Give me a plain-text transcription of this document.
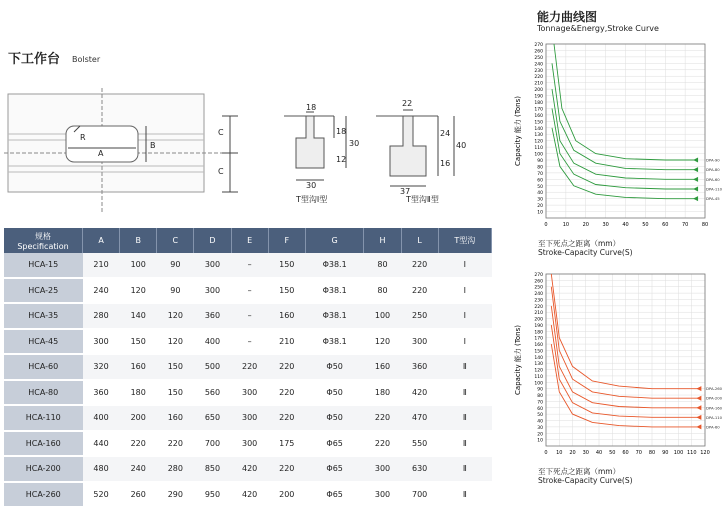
下工作台 Bolster
R
A
B
C
C
18
30
18
30
12
T型沟Ⅰ型
22
37
24
40
16
T型沟Ⅱ型
规格
Specification	A	B	C	D	E	F	G	H	L	T型沟
HCA-15	210	100	90	300	–	150	Φ38.1	80	220	Ⅰ
HCA-25	240	120	90	300	–	150	Φ38.1	80	220	Ⅰ
HCA-35	280	140	120	360	–	160	Φ38.1	100	250	Ⅰ
HCA-45	300	150	120	400	–	210	Φ38.1	120	300	Ⅰ
HCA-60	320	160	150	500	220	220	Φ50	160	360	Ⅱ
HCA-80	360	180	150	560	300	220	Φ50	180	420	Ⅱ
HCA-110	400	200	160	650	300	220	Φ50	220	470	Ⅱ
HCA-160	440	220	220	700	300	175	Φ65	220	550	Ⅱ
HCA-200	480	240	280	850	420	220	Φ65	300	630	Ⅱ
HCA-260	520	260	290	950	420	200	Φ65	300	700	Ⅱ
能力曲线图
Tonnage&Energy,Stroke Curve
10
20
30
40
50
60
70
80
90
100
110
120
130
140
150
160
170
180
190
200
210
220
230
240
250
260
270
0	10	20	30	40	50	60	70	80
DPA-90
DPA-80
DPA-60
DPA-110
DPA-45
Capacity 能力 (Tons)
至下死点之距离（mm）
Stroke-Capacity Curve(S)
10
20
30
40
50
60
70
80
90
100
110
120
130
140
150
160
170
180
190
200
210
220
230
240
250
260
270
0 10 20 30 40 50 60 70 80 90 100 110 120
DPA-260
DPA-200
DPA-160
DPA-110
DPA-60
Capacity 能力 (Tons)
至下死点之距离（mm）
Stroke-Capacity Curve(S)
